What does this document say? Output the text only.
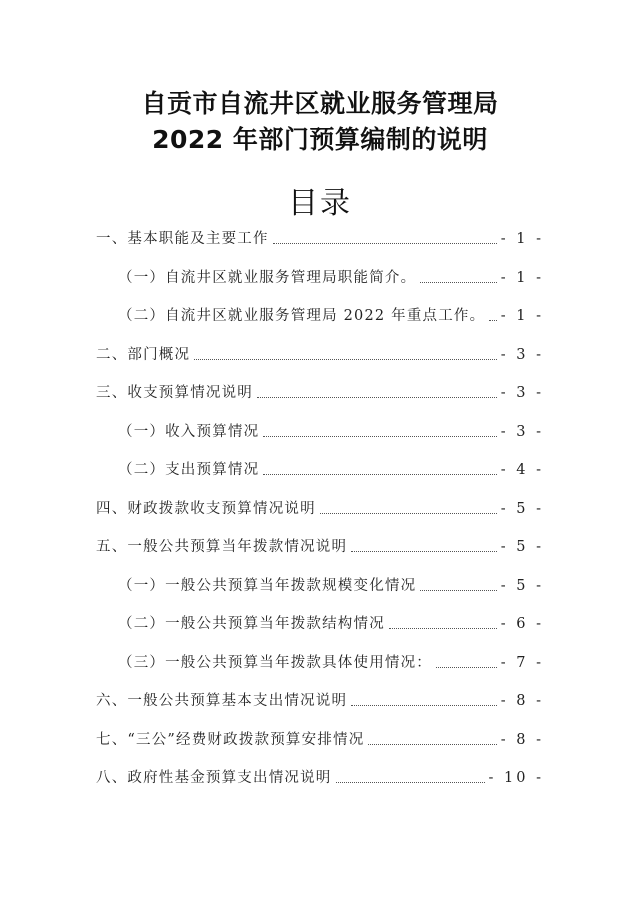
自贡市自流井区就业服务管理局
2022 年部门预算编制的说明
目录
一、基本职能及主要工作	- 1 -
（一）自流井区就业服务管理局职能简介。	- 1 -
（二）自流井区就业服务管理局 2022 年重点工作。 - 1 -
二、部门概况	- 3 -
三、收支预算情况说明	- 3 -
（一）收入预算情况	- 3 -
（二）支出预算情况	- 4 -
四、财政拨款收支预算情况说明	- 5 -
五、一般公共预算当年拨款情况说明	- 5 -
（一）一般公共预算当年拨款规模变化情况	- 5 -
（二）一般公共预算当年拨款结构情况	- 6 -
（三）一般公共预算当年拨款具体使用情况：	- 7 -
六、一般公共预算基本支出情况说明	- 8 -
七、“三公”经费财政拨款预算安排情况	- 8 -
八、政府性基金预算支出情况说明	- 10 -
